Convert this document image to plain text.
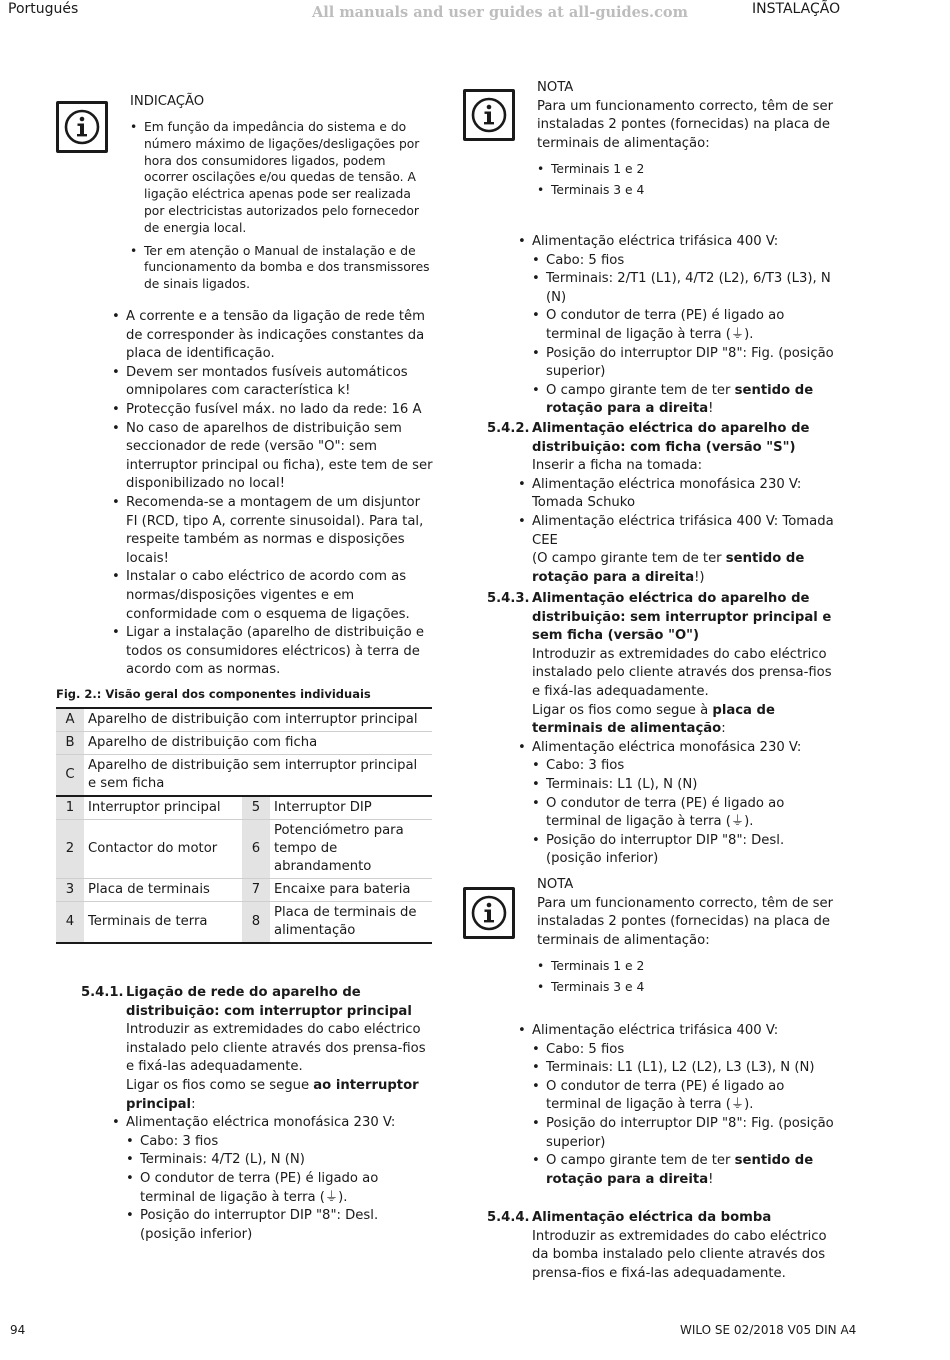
Portugués	All manuals and user guides at all-guides.com	INSTALAÇÃO
INDICAÇÃO
• Em função da impedância do sistema e do número máximo de ligações/desligações por hora dos consumidores ligados, podem ocorrer oscilações e/ou quedas de tensão. A ligação eléctrica apenas pode ser realizada por electricistas autorizados pelo fornecedor de energia local.
• Ter em atenção o Manual de instalação e de funcionamento da bomba e dos transmissores de sinais ligados.
• A corrente e a tensão da ligação de rede têm de corresponder às indicações constantes da placa de identificação.
• Devem ser montados fusíveis automáticos omnipolares com característica k!
• Protecção fusível máx. no lado da rede: 16 A
• No caso de aparelhos de distribuição sem seccionador de rede (versão "O": sem interruptor principal ou ficha), este tem de ser disponibilizado no local!
• Recomenda-se a montagem de um disjuntor FI (RCD, tipo A, corrente sinusoidal). Para tal, respeite também as normas e disposições locais!
• Instalar o cabo eléctrico de acordo com as normas/disposições vigentes e em conformidade com o esquema de ligações.
• Ligar a instalação (aparelho de distribuição e todos os consumidores eléctricos) à terra de acordo com as normas.
Fig. 2.: Visão geral dos componentes individuais
A	Aparelho de distribuição com interruptor principal		
B	Aparelho de distribuição com ficha		
C	Aparelho de distribuição sem interruptor principal e sem ficha		
1	Interruptor principal	5	Interruptor DIP
2	Contactor do motor	6	Potenciómetro para tempo de abrandamento
3	Placa de terminais	7	Encaixe para bateria
4	Terminais de terra	8	Placa de terminais de alimentação
5.4.1. Ligação de rede do aparelho de distribuição: com interruptor principal

Introduzir as extremidades do cabo eléctrico instalado pelo cliente através dos prensa-fios e fixá-las adequadamente.

Ligar os fios como se segue ao interruptor principal:

• Alimentação eléctrica monofásica 230 V:
• Cabo: 3 fios
• Terminais: 4/T2 (L), N (N)
• O condutor de terra (PE) é ligado ao terminal de ligação à terra (⏚).
• Posição do interruptor DIP "8": Desl. (posição inferior)

NOTA

Para um funcionamento correcto, têm de ser instaladas 2 pontes (fornecidas) na placa de terminais de alimentação:

• Terminais 1 e 2
• Terminais 3 e 4
• Alimentação eléctrica trifásica 400 V:
• Cabo: 5 fios
• Terminais: 2/T1 (L1), 4/T2 (L2), 6/T3 (L3), N (N)
• O condutor de terra (PE) é ligado ao terminal de ligação à terra (⏚).
• Posição do interruptor DIP "8": Fig. (posição superior)
• O campo girante tem de ter sentido de rotação para a direita!
5.4.2. Alimentação eléctrica do aparelho de distribuição: com ficha (versão "S")

Inserir a ficha na tomada:

• Alimentação eléctrica monofásica 230 V: Tomada Schuko
• Alimentação eléctrica trifásica 400 V: Tomada CEE
(O campo girante tem de ter sentido de rotação para a direita!)
5.4.3. Alimentação eléctrica do aparelho de distribuição: sem interruptor principal e sem ficha (versão "O")

Introduzir as extremidades do cabo eléctrico instalado pelo cliente através dos prensa-fios e fixá-las adequadamente.

Ligar os fios como segue à placa de terminais de alimentação:

• Alimentação eléctrica monofásica 230 V:
• Cabo: 3 fios
• Terminais: L1 (L), N (N)
• O condutor de terra (PE) é ligado ao terminal de ligação à terra (⏚).
• Posição do interruptor DIP "8": Desl. (posição inferior)

NOTA

Para um funcionamento correcto, têm de ser instaladas 2 pontes (fornecidas) na placa de terminais de alimentação:

• Terminais 1 e 2
• Terminais 3 e 4
• Alimentação eléctrica trifásica 400 V:
• Cabo: 5 fios
• Terminais: L1 (L1), L2 (L2), L3 (L3), N (N)
• O condutor de terra (PE) é ligado ao terminal de ligação à terra (⏚).
• Posição do interruptor DIP "8": Fig. (posição superior)
• O campo girante tem de ter sentido de rotação para a direita!
5.4.4. Alimentação eléctrica da bomba

Introduzir as extremidades do cabo eléctrico da bomba instalado pelo cliente através dos prensa-fios e fixá-las adequadamente.

94	WILO SE 02/2018 V05 DIN A4
